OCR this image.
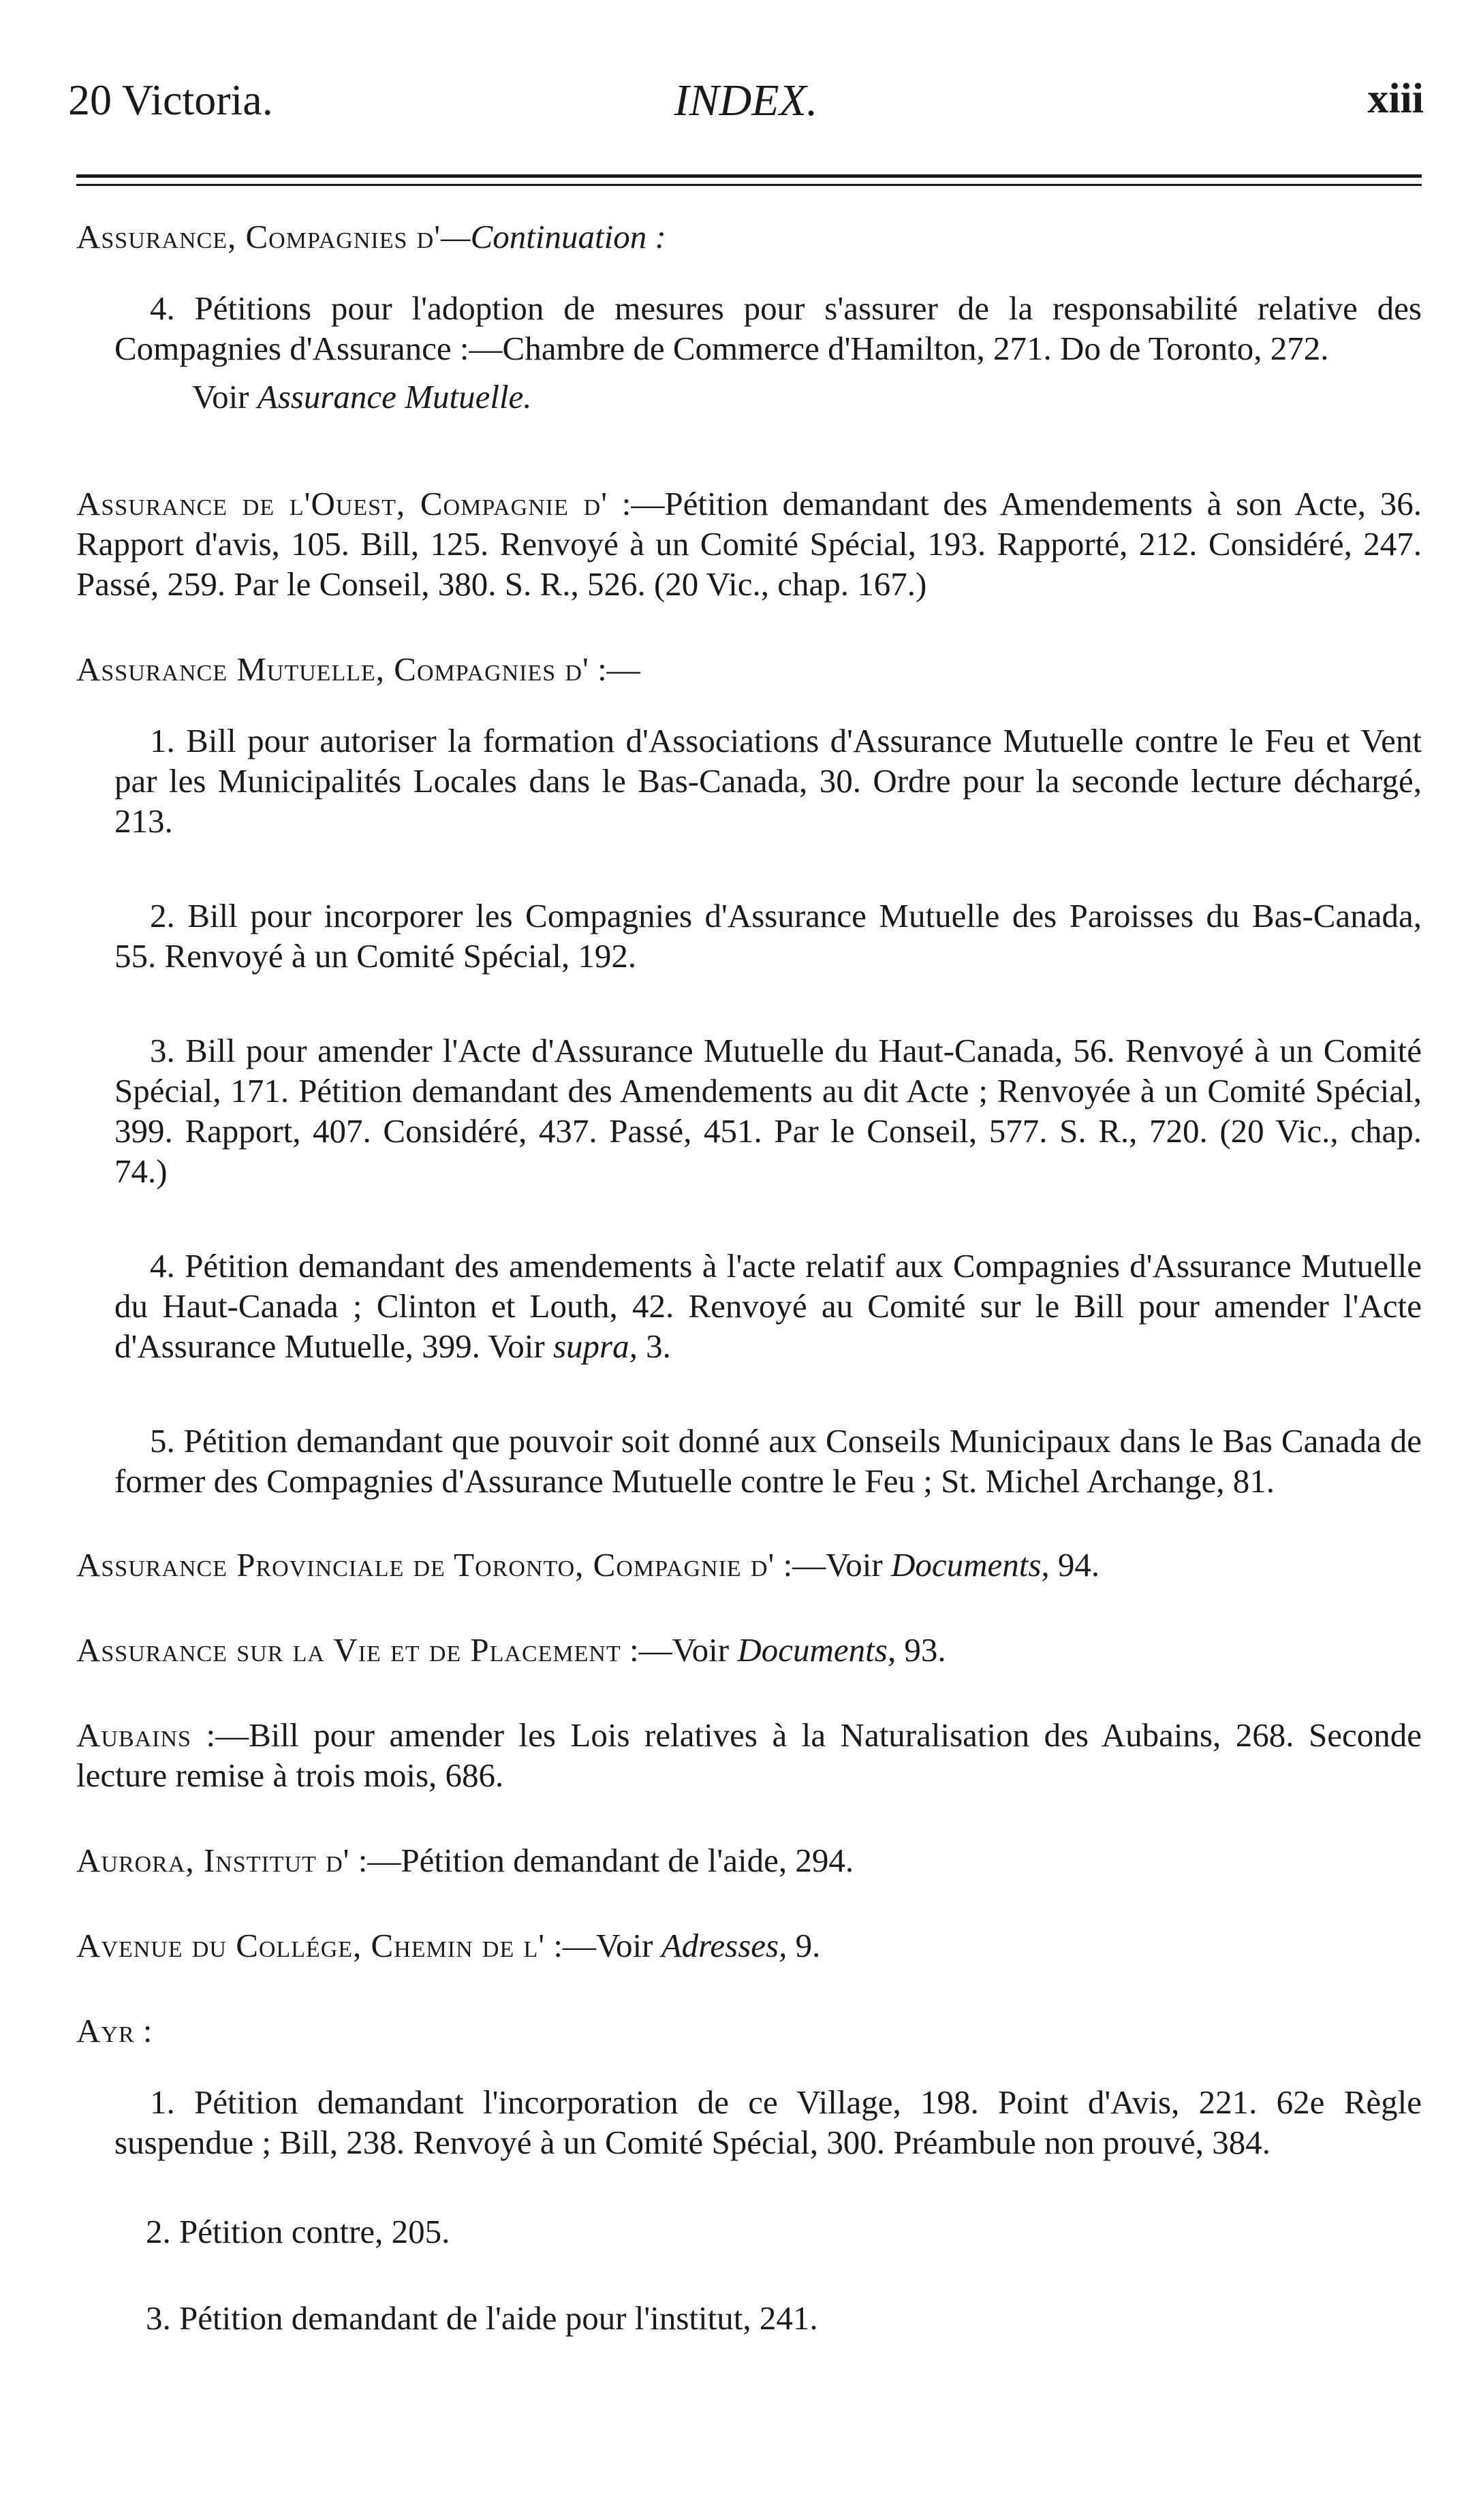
20 Victoria.	INDEX.	xiii

Assurance, Compagnies d'—Continuation :

4. Pétitions pour l'adoption de mesures pour s'assurer de la responsabilité relative des Compagnies d'Assurance :—Chambre de Commerce d'Hamilton, 271. Do de Toronto, 272.

Voir Assurance Mutuelle.

Assurance de l'Ouest, Compagnie d' :—Pétition demandant des Amendements à son Acte, 36. Rapport d'avis, 105. Bill, 125. Renvoyé à un Comité Spécial, 193. Rapporté, 212. Considéré, 247. Passé, 259. Par le Conseil, 380. S. R., 526. (20 Vic., chap. 167.)

Assurance Mutuelle, Compagnies d' :—

1. Bill pour autoriser la formation d'Associations d'Assurance Mutuelle contre le Feu et Vent par les Municipalités Locales dans le Bas-Canada, 30. Ordre pour la seconde lecture déchargé, 213.

2. Bill pour incorporer les Compagnies d'Assurance Mutuelle des Paroisses du Bas-Canada, 55. Renvoyé à un Comité Spécial, 192.

3. Bill pour amender l'Acte d'Assurance Mutuelle du Haut-Canada, 56. Renvoyé à un Comité Spécial, 171. Pétition demandant des Amendements au dit Acte ; Renvoyée à un Comité Spécial, 399. Rapport, 407. Considéré, 437. Passé, 451. Par le Conseil, 577. S. R., 720. (20 Vic., chap. 74.)

4. Pétition demandant des amendements à l'acte relatif aux Compagnies d'Assurance Mutuelle du Haut-Canada ; Clinton et Louth, 42. Renvoyé au Comité sur le Bill pour amender l'Acte d'Assurance Mutuelle, 399. Voir supra, 3.

5. Pétition demandant que pouvoir soit donné aux Conseils Municipaux dans le Bas Canada de former des Compagnies d'Assurance Mutuelle contre le Feu ; St. Michel Archange, 81.

Assurance Provinciale de Toronto, Compagnie d' :—Voir Documents, 94.

Assurance sur la Vie et de Placement :—Voir Documents, 93.

Aubains :—Bill pour amender les Lois relatives à la Naturalisation des Aubains, 268. Seconde lecture remise à trois mois, 686.

Aurora, Institut d' :—Pétition demandant de l'aide, 294.

Avenue du Collége, Chemin de l' :—Voir Adresses, 9.

Ayr :

1. Pétition demandant l'incorporation de ce Village, 198. Point d'Avis, 221. 62e Règle suspendue ; Bill, 238. Renvoyé à un Comité Spécial, 300. Préambule non prouvé, 384.

2. Pétition contre, 205.

3. Pétition demandant de l'aide pour l'institut, 241.
